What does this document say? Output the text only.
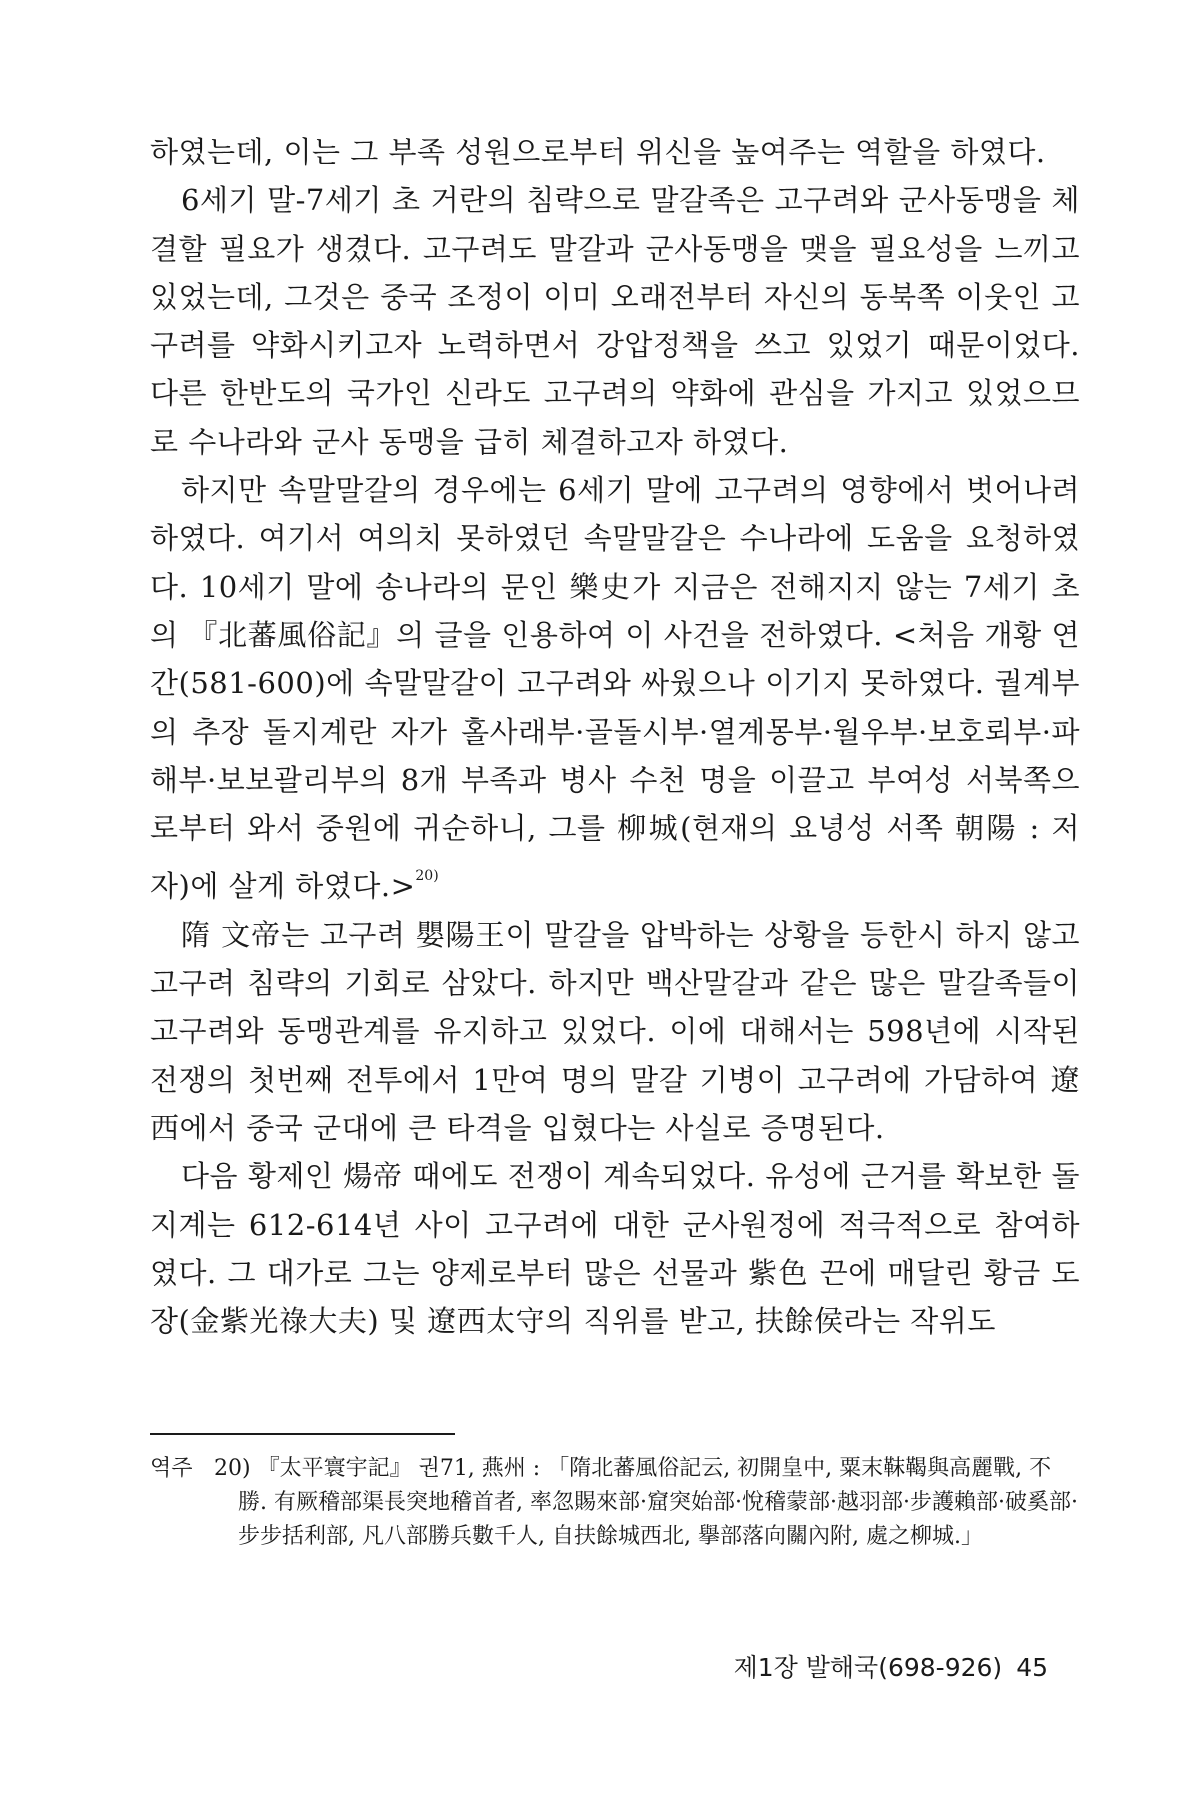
하였는데, 이는 그 부족 성원으로부터 위신을 높여주는 역할을 하였다.

6세기 말-7세기 초 거란의 침략으로 말갈족은 고구려와 군사동맹을 체결할 필요가 생겼다. 고구려도 말갈과 군사동맹을 맺을 필요성을 느끼고 있었는데, 그것은 중국 조정이 이미 오래전부터 자신의 동북쪽 이웃인 고구려를 약화시키고자 노력하면서 강압정책을 쓰고 있었기 때문이었다. 다른 한반도의 국가인 신라도 고구려의 약화에 관심을 가지고 있었으므로 수나라와 군사 동맹을 급히 체결하고자 하였다.

하지만 속말말갈의 경우에는 6세기 말에 고구려의 영향에서 벗어나려 하였다. 여기서 여의치 못하였던 속말말갈은 수나라에 도움을 요청하였다. 10세기 말에 송나라의 문인 樂史가 지금은 전해지지 않는 7세기 초의 『北蕃風俗記』의 글을 인용하여 이 사건을 전하였다. <처음 개황 연간(581-600)에 속말말갈이 고구려와 싸웠으나 이기지 못하였다. 궐계부의 추장 돌지계란 자가 홀사래부·골돌시부·열계몽부·월우부·보호뢰부·파해부·보보괄리부의 8개 부족과 병사 수천 명을 이끌고 부여성 서북쪽으로부터 와서 중원에 귀순하니, 그를 柳城(현재의 요녕성 서쪽 朝陽 : 저자)에 살게 하였다.>$^{20)}$

隋 文帝는 고구려 嬰陽王이 말갈을 압박하는 상황을 등한시 하지 않고 고구려 침략의 기회로 삼았다. 하지만 백산말갈과 같은 많은 말갈족들이 고구려와 동맹관계를 유지하고 있었다. 이에 대해서는 598년에 시작된 전쟁의 첫번째 전투에서 1만여 명의 말갈 기병이 고구려에 가담하여 遼西에서 중국 군대에 큰 타격을 입혔다는 사실로 증명된다.

다음 황제인 煬帝 때에도 전쟁이 계속되었다. 유성에 근거를 확보한 돌지계는 612-614년 사이 고구려에 대한 군사원정에 적극적으로 참여하였다. 그 대가로 그는 양제로부터 많은 선물과 紫色 끈에 매달린 황금 도장(金紫光祿大夫) 및 遼西太守의 직위를 받고, 扶餘侯라는 작위도

역주 20) 『太平寰宇記』 권71, 燕州 : 「隋北蕃風俗記云, 初開皇中, 粟末靺鞨與高麗戰, 不勝. 有厥稽部渠長突地稽首者, 率忽賜來部·窟突始部·悅稽蒙部·越羽部·步護賴部·破奚部·步步括利部, 凡八部勝兵數千人, 自扶餘城西北, 擧部落向關內附, 處之柳城.」
제1장 발해국(698-926) 45
